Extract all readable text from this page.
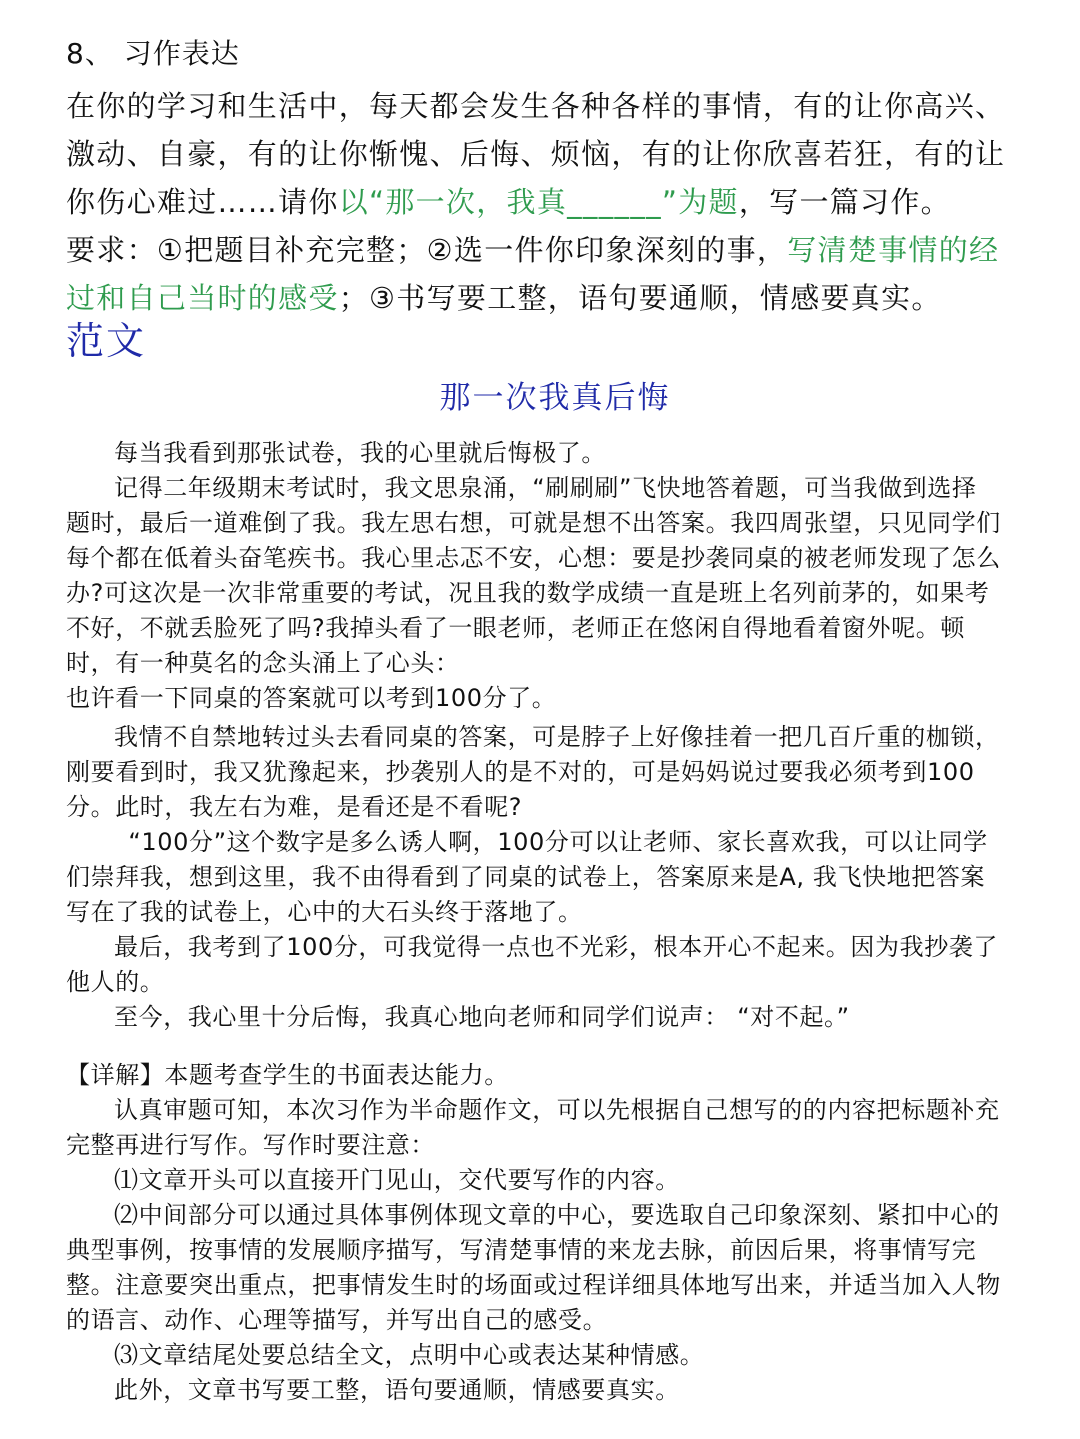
8、 习作表达
在你的学习和生活中，每天都会发生各种各样的事情，有的让你高兴、激动、自豪，有的让你惭愧、后悔、烦恼，有的让你欣喜若狂，有的让你伤心难过……请你以“那一次，我真______”为题，写一篇习作。
要求：①把题目补充完整；②选一件你印象深刻的事，写清楚事情的经过和自己当时的感受；③书写要工整，语句要通顺，情感要真实。
范文
那一次我真后悔

每当我看到那张试卷，我的心里就后悔极了。

记得二年级期末考试时，我文思泉涌，“刷刷刷”飞快地答着题，可当我做到选择题时，最后一道难倒了我。我左思右想，可就是想不出答案。我四周张望，只见同学们每个都在低着头奋笔疾书。我心里忐忑不安，心想：要是抄袭同桌的被老师发现了怎么办?可这次是一次非常重要的考试，况且我的数学成绩一直是班上名列前茅的，如果考不好，不就丢脸死了吗?我掉头看了一眼老师，老师正在悠闲自得地看着窗外呢。顿时，有一种莫名的念头涌上了心头：

也许看一下同桌的答案就可以考到100分了。

我情不自禁地转过头去看同桌的答案，可是脖子上好像挂着一把几百斤重的枷锁，刚要看到时，我又犹豫起来，抄袭别人的是不对的，可是妈妈说过要我必须考到100分。此时，我左右为难，是看还是不看呢?

“100分”这个数字是多么诱人啊，100分可以让老师、家长喜欢我，可以让同学们崇拜我，想到这里，我不由得看到了同桌的试卷上，答案原来是A, 我飞快地把答案写在了我的试卷上，心中的大石头终于落地了。

最后，我考到了100分，可我觉得一点也不光彩，根本开心不起来。因为我抄袭了他人的。

至今，我心里十分后悔，我真心地向老师和同学们说声： “对不起。”

【详解】本题考查学生的书面表达能力。

认真审题可知，本次习作为半命题作文，可以先根据自己想写的的内容把标题补充完整再进行写作。写作时要注意：

⑴文章开头可以直接开门见山，交代要写作的内容。

⑵中间部分可以通过具体事例体现文章的中心，要选取自己印象深刻、紧扣中心的典型事例，按事情的发展顺序描写，写清楚事情的来龙去脉，前因后果，将事情写完整。注意要突出重点，把事情发生时的场面或过程详细具体地写出来，并适当加入人物的语言、动作、心理等描写，并写出自己的感受。

⑶文章结尾处要总结全文，点明中心或表达某种情感。

此外，文章书写要工整，语句要通顺，情感要真实。
